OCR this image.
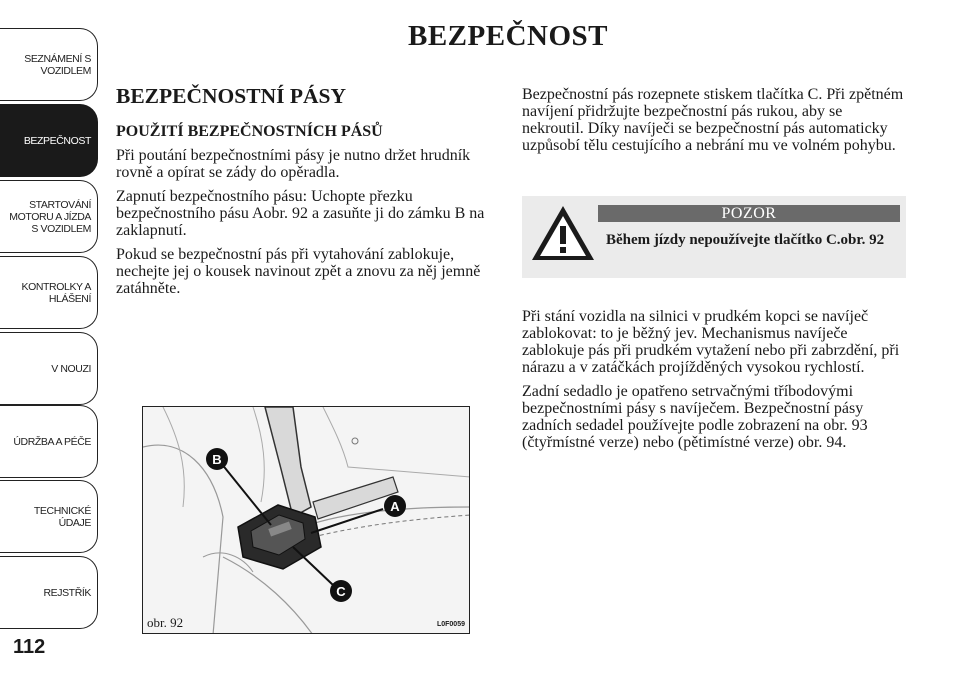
SEZNÁMENÍ S
VOZIDLEM
BEZPEČNOST
STARTOVÁNÍ
MOTORU A JÍZDA
S VOZIDLEM
KONTROLKY A
HLÁŠENÍ
V NOUZI
ÚDRŽBA A PÉČE
TECHNICKÉ
ÚDAJE
REJSTŘÍK
112
BEZPEČNOST
BEZPEČNOSTNÍ PÁSY
POUŽITÍ BEZPEČNOSTNÍCH PÁSŮ

Při poutání bezpečnostními pásy je nutno držet hrudník rovně a opírat se zády do opěradla.

Zapnutí bezpečnostního pásu: Uchopte přezku bezpečnostního pásu Aobr. 92 a zasuňte ji do zámku B na zaklapnutí.

Pokud se bezpečnostní pás při vytahování zablokuje, nechejte jej o kousek navinout zpět a znovu za něj jemně zatáhněte.

Bezpečnostní pás rozepnete stiskem tlačítka C. Při zpětném navíjení přidržujte bezpečnostní pás rukou, aby se nekroutil. Díky navíječi se bezpečnostní pás automaticky uzpůsobí tělu cestujícího a nebrání mu ve volném pohybu.

POZOR
Během jízdy nepoužívejte tlačítko C.obr. 92

Při stání vozidla na silnici v prudkém kopci se navíječ zablokovat: to je běžný jev. Mechanismus navíječe zablokuje pás při prudkém vytažení nebo při zabrzdění, při nárazu a v zatáčkách projížděných vysokou rychlostí.

Zadní sedadlo je opatřeno setrvačnými tříbodovými bezpečnostními pásy s navíječem. Bezpečnostní pásy zadních sedadel používejte podle zobrazení na obr. 93 (čtyřmístné verze) nebo (pětimístné verze) obr. 94.

B
A
C
obr. 92	L0F0059
